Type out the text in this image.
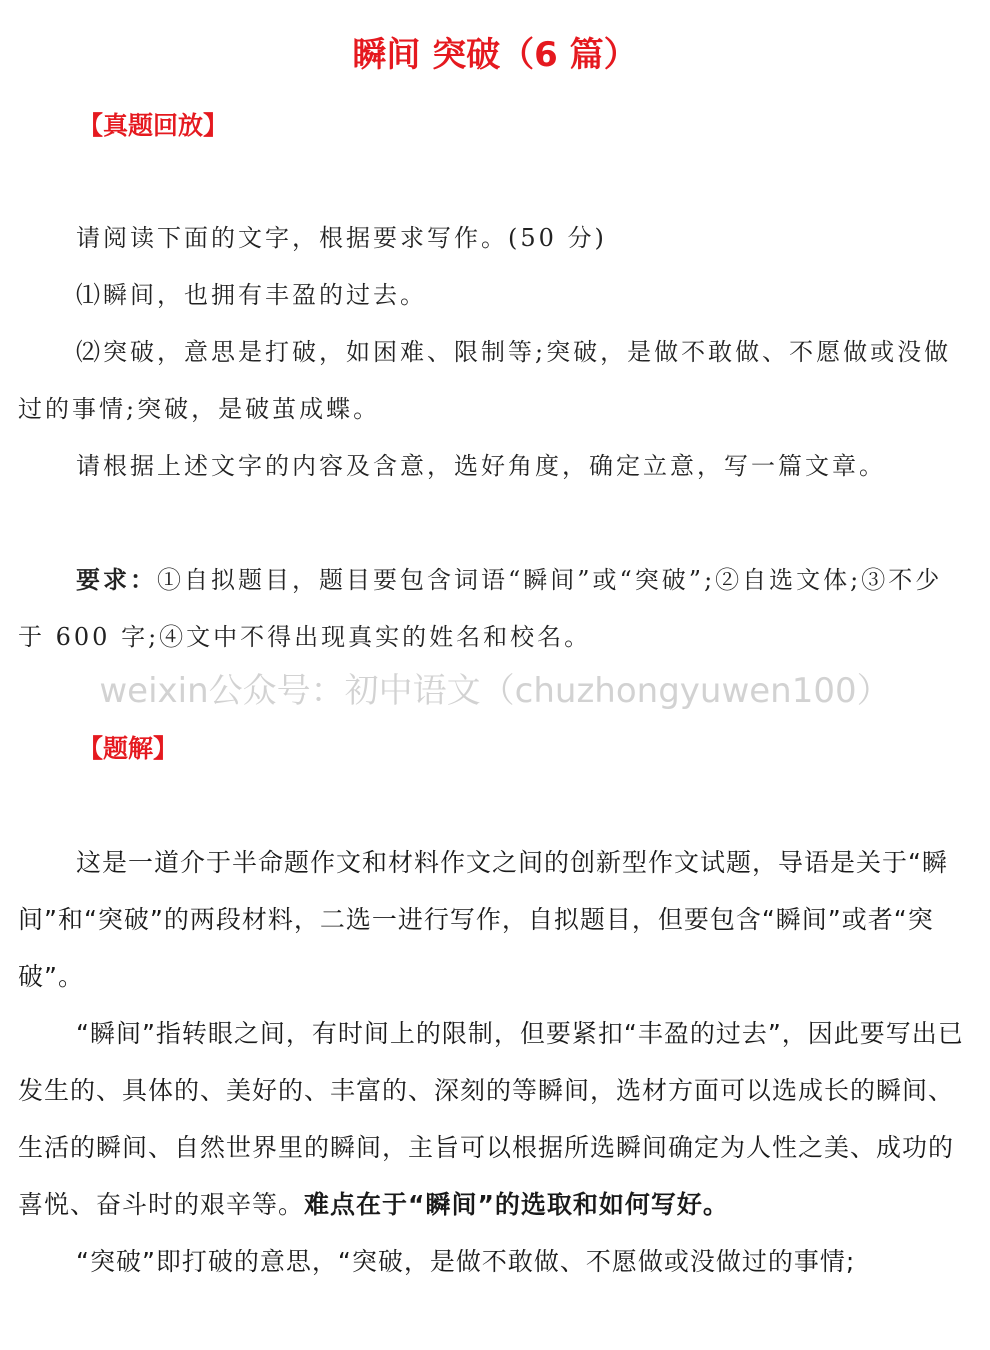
瞬间 突破（6 篇）
【真题回放】

请阅读下面的文字，根据要求写作。(50 分)

⑴瞬间，也拥有丰盈的过去。

⑵突破，意思是打破，如困难、限制等;突破，是做不敢做、不愿做或没做过的事情;突破，是破茧成蝶。

请根据上述文字的内容及含意，选好角度，确定立意，写一篇文章。

要求：①自拟题目，题目要包含词语“瞬间”或“突破”;②自选文体;③不少于 600 字;④文中不得出现真实的姓名和校名。

weixin公众号：初中语文（chuzhongyuwen100）
【题解】

这是一道介于半命题作文和材料作文之间的创新型作文试题，导语是关于“瞬间”和“突破”的两段材料，二选一进行写作，自拟题目，但要包含“瞬间”或者“突破”。

“瞬间”指转眼之间，有时间上的限制，但要紧扣“丰盈的过去”，因此要写出已发生的、具体的、美好的、丰富的、深刻的等瞬间，选材方面可以选成长的瞬间、生活的瞬间、自然世界里的瞬间，主旨可以根据所选瞬间确定为人性之美、成功的喜悦、奋斗时的艰辛等。难点在于“瞬间”的选取和如何写好。

“突破”即打破的意思，“突破，是做不敢做、不愿做或没做过的事情;
